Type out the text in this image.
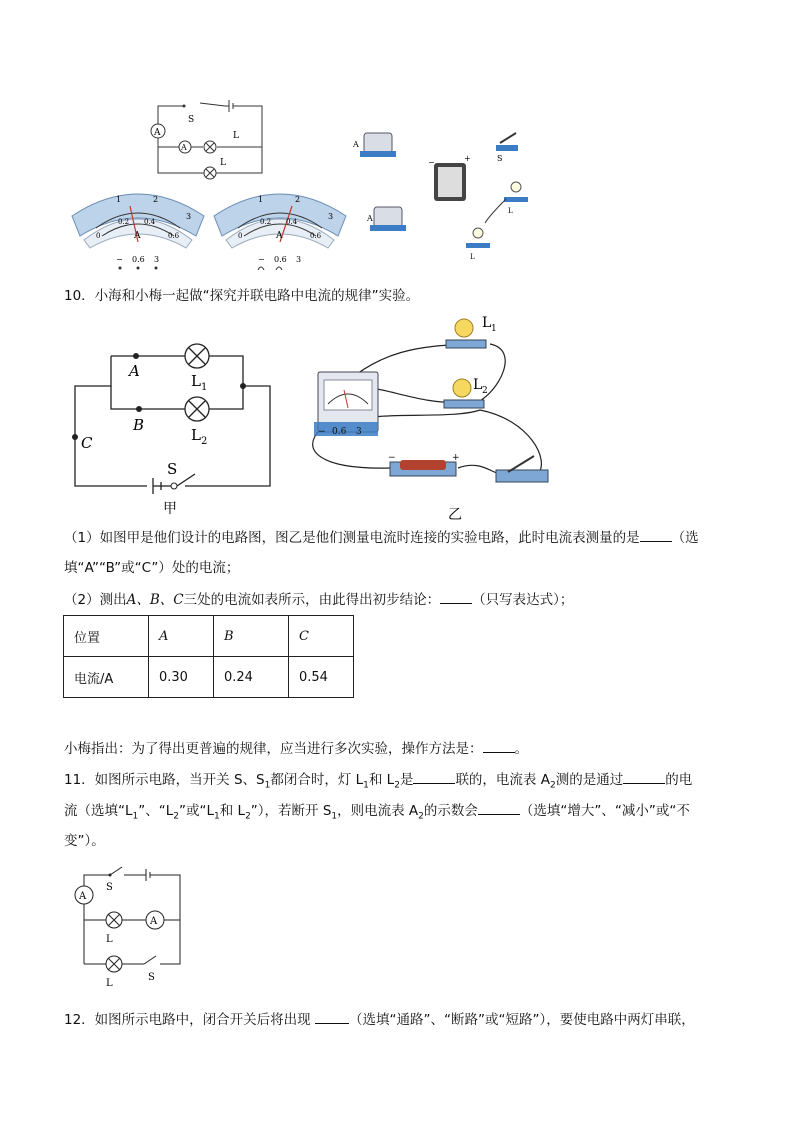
A
A
S
L
L
1	2
3
0
0.2 0.4
0.6
A
− 0.6 3
1	2
3
0
0.2 0.4
0.6
A
− 0.6 3
A
A
−	+	S
L
L
10．小海和小梅一起做“探究并联电路中电流的规律”实验。
A
B
C
L 1
L 2
S
甲
− 0.6 3
L 1
L 2
−	+
乙
（1）如图甲是他们设计的电路图，图乙是他们测量电流时连接的实验电路，此时电流表测量的是 （选
填“A”“B”或“C”）处的电流；
（2）测出A、B、C三处的电流如表所示，由此得出初步结论： （只写表达式）；
位置	A	B	C
电流/A	0.30	0.24	0.54
小梅指出：为了得出更普遍的规律，应当进行多次实验，操作方法是： 。
11．如图所示电路，当开关 S、$S_1$都闭合时，灯 $L_1$和 $L_2$是	联的，电流表 $A_2$测的是通过	的电
流（选填“$L_1$”、“$L_2$”或“$L_1$和 $L_2$”），若断开 $S_1$，则电流表 $A_2$的示数会	（选填“增大”、“减小”或“不
变”）。
A
A
S
L
L
S
12．如图所示电路中，闭合开关后将出现	（选填“通路”、“断路”或“短路”），要使电路中两灯串联，
